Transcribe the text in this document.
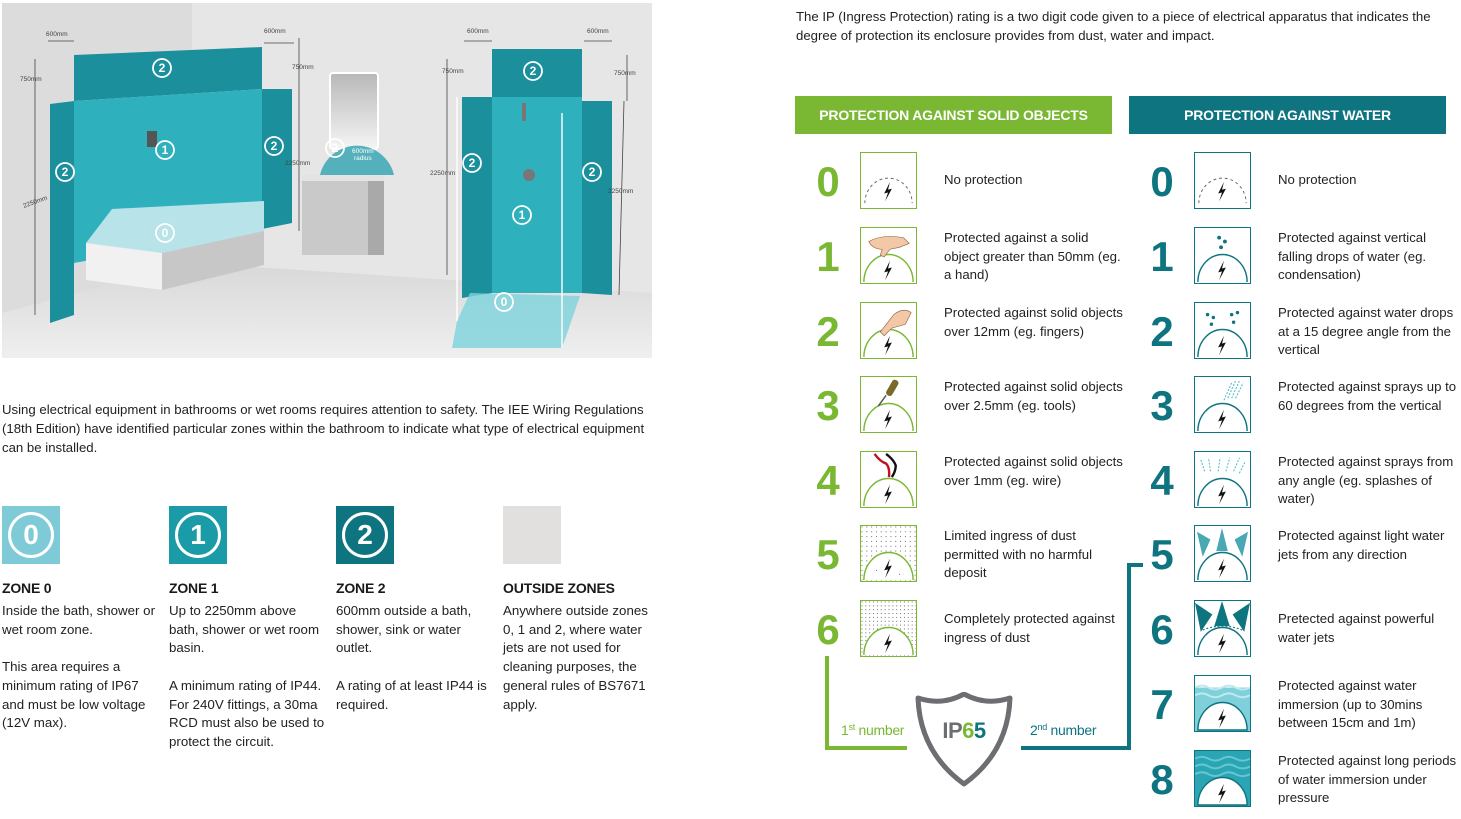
600mm
750mm
2250mm
600mm
750mm
2250mm
600mm
750mm
2250mm
600mm
750mm
2250mm
600mm
radius
2
1
2
2	2
0
2
2
1
2
0

Using electrical equipment in bathrooms or wet rooms requires attention to safety. The IEE Wiring Regulations (18th Edition) have identified particular zones within the bathroom to indicate what type of electrical equipment can be installed.

0
ZONE 0

Inside the bath, shower or wet room zone.

This area requires a minimum rating of IP67 and must be low voltage (12V max).

1
ZONE 1

Up to 2250mm above bath, shower or wet room basin.

A minimum rating of IP44. For 240V fittings, a 30ma RCD must also be used to protect the circuit.

2
ZONE 2

600mm outside a bath, shower, sink or water outlet.

A rating of at least IP44 is required.

OUTSIDE ZONES

Anywhere outside zones 0, 1 and 2, where water jets are not used for cleaning purposes, the general rules of BS7671 apply.

The IP (Ingress Protection) rating is a two digit code given to a piece of electrical apparatus that indicates the degree of protection its enclosure provides from dust, water and impact.

PROTECTION AGAINST SOLID OBJECTS	PROTECTION AGAINST WATER
0	No protection
1	Protected against a solid object greater than 50mm (eg. a hand)
2	Protected against solid objects over 12mm (eg. fingers)
3	Protected against solid objects over 2.5mm (eg. tools)
4	Protected against solid objects over 1mm (eg. wire)
5	Limited ingress of dust permitted with no harmful deposit
6	Completely protected against ingress of dust
0	No protection
1	Protected against vertical falling drops of water (eg. condensation)
2	Protected against water drops at a 15 degree angle from the vertical
3	Protected against sprays up to 60 degrees from the vertical
4	Protected against sprays from any angle (eg. splashes of water)
5	Protected against light water jets from any direction
6	Pretected against powerful water jets
7	Protected against water immersion (up to 30mins between 15cm and 1m)
8	Protected against long periods of water immersion under pressure
1st number	2nd number
IP65
